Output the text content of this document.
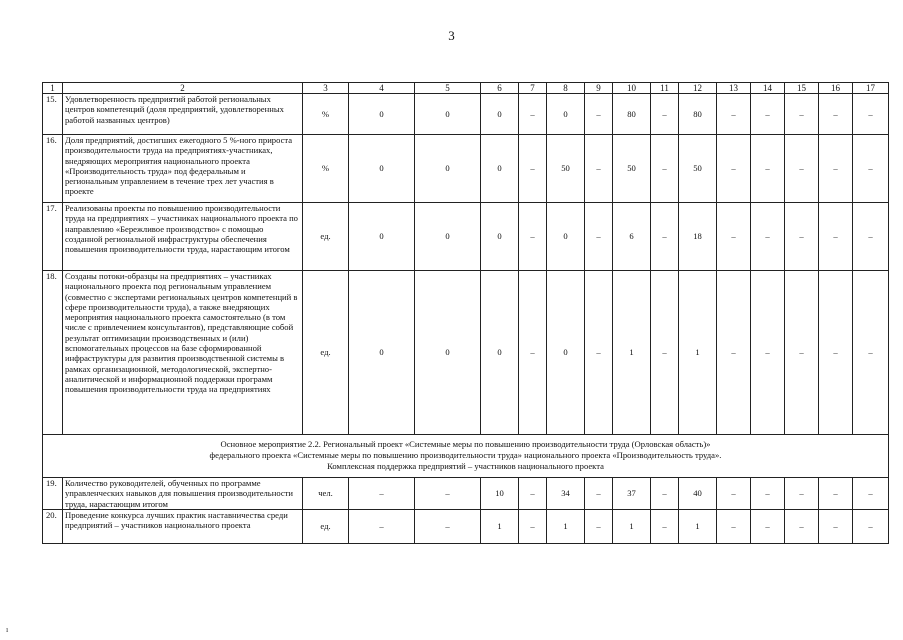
3
1	2	3	4	5	6	7	8	9	10	11	12	13	14	15	16	17
15.	Удовлетворенность предприятий работой региональных центров компетенций (доля предприятий, удовлетворенных работой названных центров)	%	0	0	0	–	0	–	80	–	80	–	–	–	–	–
16.	Доля предприятий, достигших ежегодного 5 %-ного прироста производительности труда на предприятиях-участниках, внедряющих мероприятия национального проекта «Производительность труда» под федеральным и региональным управлением в течение трех лет участия в проекте	%	0	0	0	–	50	–	50	–	50	–	–	–	–	–
17.	Реализованы проекты по повышению производительности труда на предприятиях – участниках национального проекта по направлению «Бережливое производство» с помощью созданной региональной инфраструктуры обеспечения повышения производительности труда, нарастающим итогом	ед.	0	0	0	–	0	–	6	–	18	–	–	–	–	–
18.	Созданы потоки-образцы на предприятиях – участниках национального проекта под региональным управлением (совместно с экспертами региональных центров компетенций в сфере производительности труда), а также внедряющих мероприятия национального проекта самостоятельно (в том числе с привлечением консультантов), представляющие собой результат оптимизации производственных и (или) вспомогательных процессов на базе сформированной инфраструктуры для развития производственной системы в рамках организационной, методологической, экспертно-аналитической и информационной поддержки программ повышения производительности труда на предприятиях	ед.	0	0	0	–	0	–	1	–	1	–	–	–	–	–

Основное мероприятие 2.2. Региональный проект «Системные меры по повышению производительности труда (Орловская область)»
федерального проекта «Системные меры по повышению производительности труда» национального проекта «Производительность труда».
Комплексная поддержка предприятий – участников национального проекта																

19.	Количество руководителей, обученных по программе управленческих навыков для повышения производительности труда, нарастающим итогом	чел.	–	–	10	–	34	–	37	–	40	–	–	–	–	–
20.	Проведение конкурса лучших практик наставничества среди предприятий – участников национального проекта	ед.	–	–	1	–	1	–	1	–	1	–	–	–	–	–
ı
